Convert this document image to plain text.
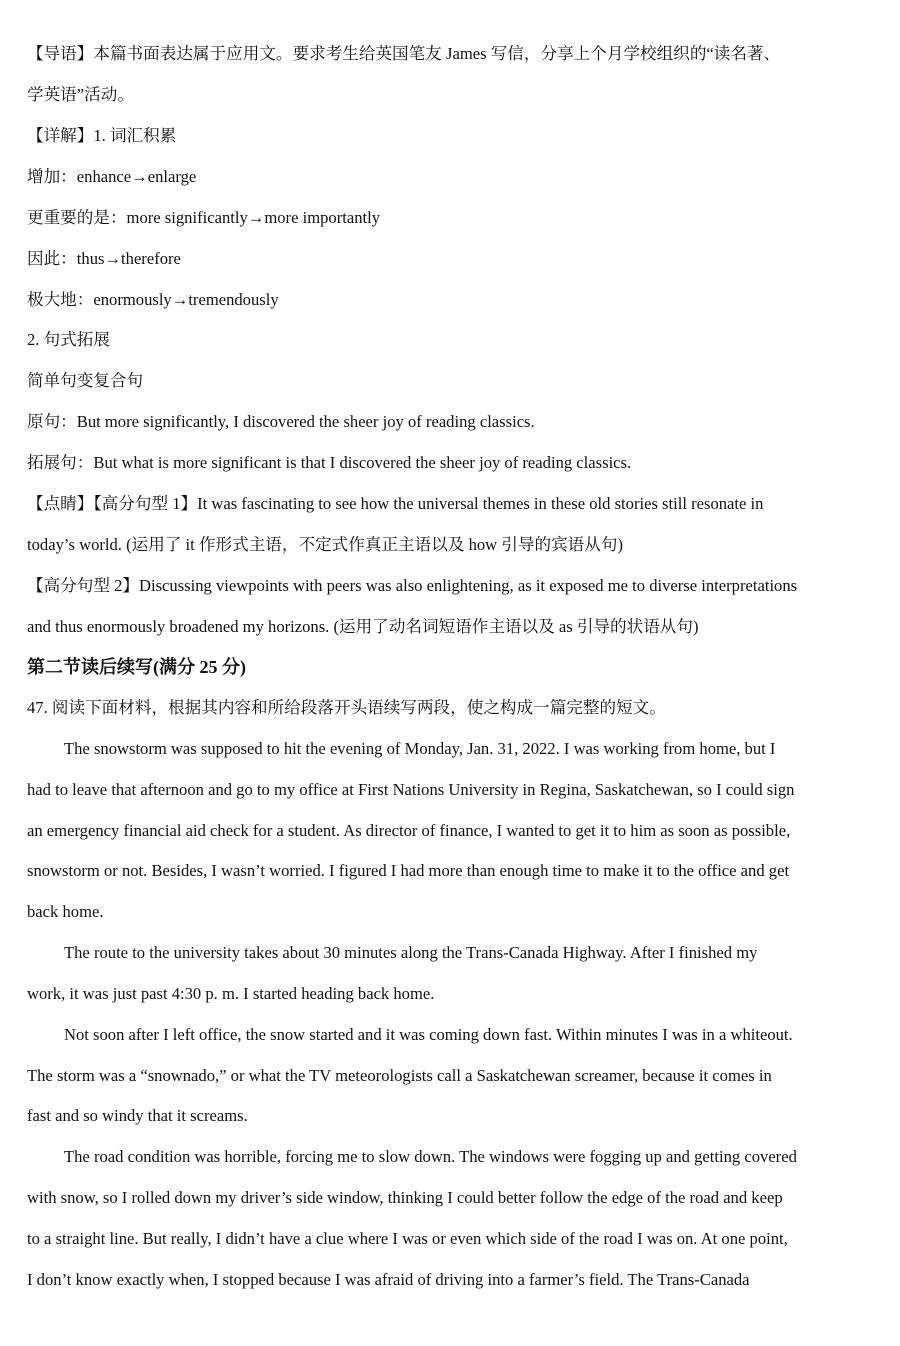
【导语】本篇书面表达属于应用文。要求考生给英国笔友 James 写信，分享上个月学校组织的“读名著、
学英语”活动。
【详解】1. 词汇积累
增加：enhance→enlarge
更重要的是：more significantly→more importantly
因此：thus→therefore
极大地：enormously→tremendously
2. 句式拓展
简单句变复合句
原句：But more significantly, I discovered the sheer joy of reading classics.
拓展句：But what is more significant is that I discovered the sheer joy of reading classics.
【点睛】【高分句型 1】It was fascinating to see how the universal themes in these old stories still resonate in
today’s world. (运用了 it 作形式主语，不定式作真正主语以及 how 引导的宾语从句)
【高分句型 2】Discussing viewpoints with peers was also enlightening, as it exposed me to diverse interpretations
and thus enormously broadened my horizons. (运用了动名词短语作主语以及 as 引导的状语从句)
第二节读后续写(满分 25 分)
47. 阅读下面材料，根据其内容和所给段落开头语续写两段，使之构成一篇完整的短文。
The snowstorm was supposed to hit the evening of Monday, Jan. 31, 2022. I was working from home, but I
had to leave that afternoon and go to my office at First Nations University in Regina, Saskatchewan, so I could sign
an emergency financial aid check for a student. As director of finance, I wanted to get it to him as soon as possible,
snowstorm or not. Besides, I wasn’t worried. I figured I had more than enough time to make it to the office and get
back home.
The route to the university takes about 30 minutes along the Trans-Canada Highway. After I finished my
work, it was just past 4:30 p. m. I started heading back home.
Not soon after I left office, the snow started and it was coming down fast. Within minutes I was in a whiteout.
The storm was a “snownado,” or what the TV meteorologists call a Saskatchewan screamer, because it comes in
fast and so windy that it screams.
The road condition was horrible, forcing me to slow down. The windows were fogging up and getting covered
with snow, so I rolled down my driver’s side window, thinking I could better follow the edge of the road and keep
to a straight line. But really, I didn’t have a clue where I was or even which side of the road I was on. At one point,
I don’t know exactly when, I stopped because I was afraid of driving into a farmer’s field. The Trans-Canada
